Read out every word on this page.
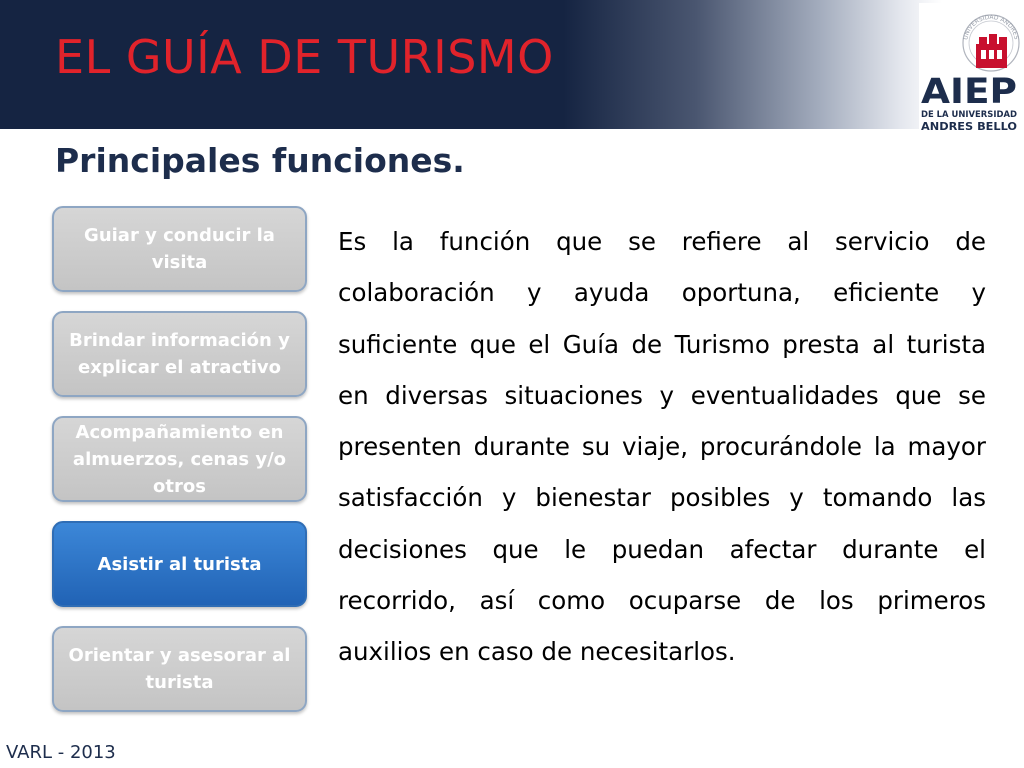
EL GUÍA DE TURISMO	UNIVERSIDAD ANDRES
AIEP
DE LA UNIVERSIDAD
ANDRES BELLO
Principales funciones.
Guiar y conducir la visita
Brindar información y explicar el atractivo
Acompañamiento en almuerzos, cenas y/o otros
Asistir al turista
Orientar y asesorar al turista

Es la función que se refiere al servicio de colaboración y ayuda oportuna, eficiente y suficiente que el Guía de Turismo presta al turista en diversas situaciones y eventualidades que se presenten durante su viaje, procurándole la mayor satisfacción y bienestar posibles y tomando las decisiones que le puedan afectar durante el recorrido, así como ocuparse de los primeros auxilios en caso de necesitarlos.

VARL - 2013
